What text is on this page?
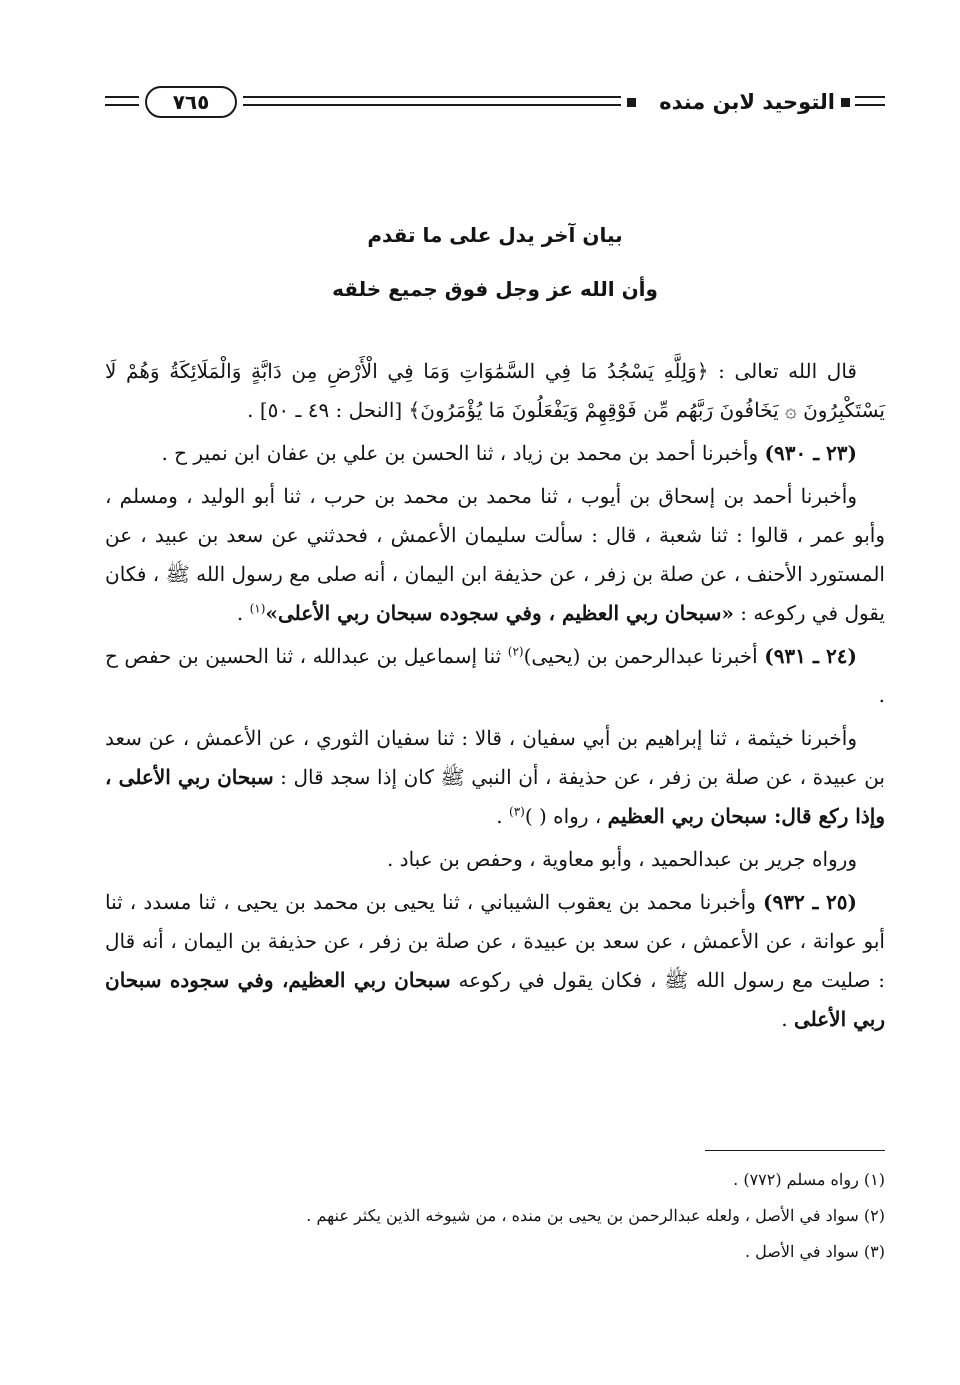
٧٦٥	التوحيد لابن منده
بيان آخر يدل على ما تقدم
وأن الله عز وجل فوق جميع خلقه

قال الله تعالى : ﴿وَلِلَّهِ يَسْجُدُ مَا فِي السَّمَٰوَاتِ وَمَا فِي الْأَرْضِ مِن دَابَّةٍ وَالْمَلَائِكَةُ وَهُمْ لَا يَسْتَكْبِرُونَ ۞ يَخَافُونَ رَبَّهُم مِّن فَوْقِهِمْ وَيَفْعَلُونَ مَا يُؤْمَرُونَ﴾ [النحل : ٤٩ ـ ٥٠] .

(٢٣ ـ ٩٣٠) وأخبرنا أحمد بن محمد بن زياد ، ثنا الحسن بن علي بن عفان ابن نمير ح .

وأخبرنا أحمد بن إسحاق بن أيوب ، ثنا محمد بن محمد بن حرب ، ثنا أبو الوليد ، ومسلم ، وأبو عمر ، قالوا : ثنا شعبة ، قال : سألت سليمان الأعمش ، فحدثني عن سعد بن عبيد ، عن المستورد الأحنف ، عن صلة بن زفر ، عن حذيفة ابن اليمان ، أنه صلى مع رسول الله ﷺ ، فكان يقول في ركوعه : «سبحان ربي العظيم ، وفي سجوده سبحان ربي الأعلى»$^{(١)}$ .

(٢٤ ـ ٩٣١) أخبرنا عبدالرحمن بن (يحيى)$^{(٢)}$ ثنا إسماعيل بن عبدالله ، ثنا الحسين بن حفص ح .

وأخبرنا خيثمة ، ثنا إبراهيم بن أبي سفيان ، قالا : ثنا سفيان الثوري ، عن الأعمش ، عن سعد بن عبيدة ، عن صلة بن زفر ، عن حذيفة ، أن النبي ﷺ كان إذا سجد قال : سبحان ربي الأعلى ، وإذا ركع قال: سبحان ربي العظيم ، رواه ( )$^{(٣)}$ .

ورواه جرير بن عبدالحميد ، وأبو معاوية ، وحفص بن عباد .

(٢٥ ـ ٩٣٢) وأخبرنا محمد بن يعقوب الشيباني ، ثنا يحيى بن محمد بن يحيى ، ثنا مسدد ، ثنا أبو عوانة ، عن الأعمش ، عن سعد بن عبيدة ، عن صلة بن زفر ، عن حذيفة بن اليمان ، أنه قال : صليت مع رسول الله ﷺ ، فكان يقول في ركوعه سبحان ربي العظيم، وفي سجوده سبحان ربي الأعلى .

(١) رواه مسلم (٧٧٢) .
(٢) سواد في الأصل ، ولعله عبدالرحمن بن يحيى بن منده ، من شيوخه الذين يكثر عنهم .
(٣) سواد في الأصل .
